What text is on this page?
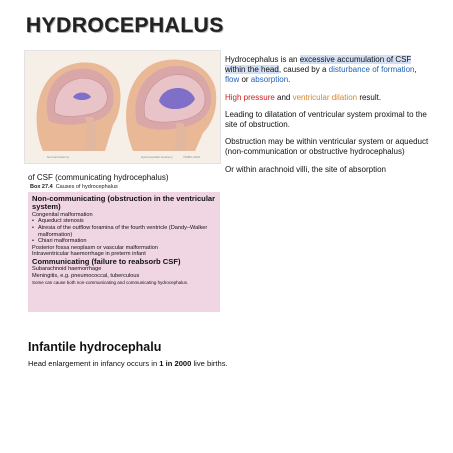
HYDROCEPHALUS
Normal Anatomy	Hydrocephalic Anatomy	©MMG 2001

Hydrocephalus is an excessive accumulation of CSF within the head, caused by a disturbance of formation, flow or absorption.

High pressure and ventricular dilation result.

Leading to dilatation of ventricular system proximal to the site of obstruction.

Obstruction may be within ventricular system or aqueduct (non-communication or obstructive hydrocephalus)

Or within arachnoid villi, the site of absorption

of CSF (communicating hydrocephalus)
Box 27.4 Causes of hydrocephalus
Non-communicating (obstruction in the ventricular system)
Congenital malformation
• Aqueduct stenosis
• Atresia of the outflow foramina of the fourth ventricle (Dandy–Walker malformation)
• Chiari malformation
Posterior fossa neoplasm or vascular malformation
Intraventricular haemorrhage in preterm infant
Communicating (failure to reabsorb CSF)
Subarachnoid haemorrhage
Meningitis, e.g. pneumococcal, tuberculous
Some can cause both non-communicating and communicating hydrocephalus.
Infantile hydrocephalu
Head enlargement in infancy occurs in 1 in 2000 live births.
